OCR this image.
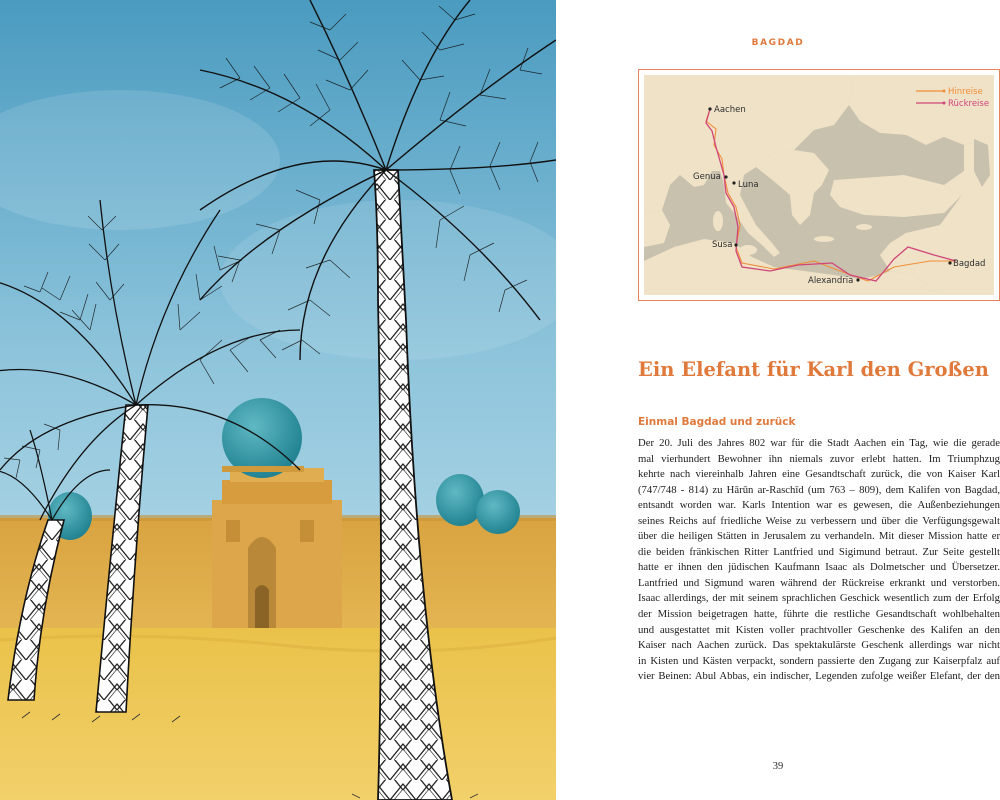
BAGDAD
Hinreise
Rückreise
Aachen
Genua
Luna
Susa
Alexandria
Bagdad
Ein Elefant für Karl den Großen
Einmal Bagdad und zurück
Der 20. Juli des Jahres 802 war für die Stadt Aachen ein Tag, wie die gerade
mal vierhundert Bewohner ihn niemals zuvor erlebt hatten. Im Triumphzug
kehrte nach viereinhalb Jahren eine Gesandtschaft zurück, die von Kaiser Karl
(747/748 - 814) zu Hārūn ar-Raschīd (um 763 – 809), dem Kalifen von Bagdad,
entsandt worden war. Karls Intention war es gewesen, die Außenbeziehungen
seines Reichs auf friedliche Weise zu verbessern und über die Verfügungsgewalt
über die heiligen Stätten in Jerusalem zu verhandeln. Mit dieser Mission hatte er
die beiden fränkischen Ritter Lantfried und Sigimund betraut. Zur Seite gestellt
hatte er ihnen den jüdischen Kaufmann Isaac als Dolmetscher und Übersetzer.
Lantfried und Sigmund waren während der Rückreise erkrankt und verstorben.
Isaac allerdings, der mit seinem sprachlichen Geschick wesentlich zum der Erfolg
der Mission beigetragen hatte, führte die restliche Gesandtschaft wohlbehalten
und ausgestattet mit Kisten voller prachtvoller Geschenke des Kalifen an den
Kaiser nach Aachen zurück. Das spektakulärste Geschenk allerdings war nicht
in Kisten und Kästen verpackt, sondern passierte den Zugang zur Kaiserpfalz auf
vier Beinen: Abul Abbas, ein indischer, Legenden zufolge weißer Elefant, der den
39
